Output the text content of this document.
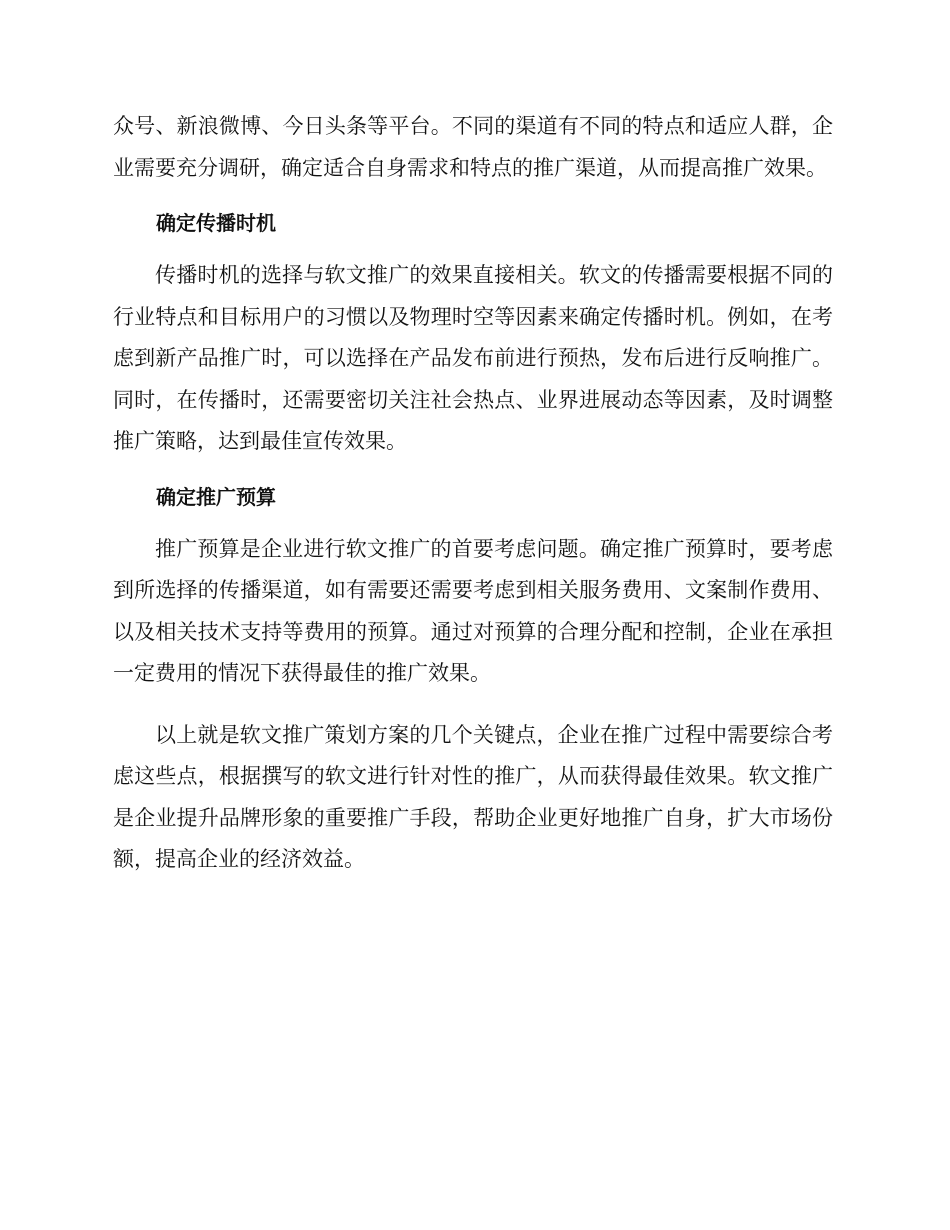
众号、新浪微博、今日头条等平台。不同的渠道有不同的特点和适应人群，企业需要充分调研，确定适合自身需求和特点的推广渠道，从而提高推广效果。

确定传播时机

传播时机的选择与软文推广的效果直接相关。软文的传播需要根据不同的行业特点和目标用户的习惯以及物理时空等因素来确定传播时机。例如，在考虑到新产品推广时，可以选择在产品发布前进行预热，发布后进行反响推广。同时，在传播时，还需要密切关注社会热点、业界进展动态等因素，及时调整推广策略，达到最佳宣传效果。

确定推广预算

推广预算是企业进行软文推广的首要考虑问题。确定推广预算时，要考虑到所选择的传播渠道，如有需要还需要考虑到相关服务费用、文案制作费用、以及相关技术支持等费用的预算。通过对预算的合理分配和控制，企业在承担一定费用的情况下获得最佳的推广效果。

以上就是软文推广策划方案的几个关键点，企业在推广过程中需要综合考虑这些点，根据撰写的软文进行针对性的推广，从而获得最佳效果。软文推广是企业提升品牌形象的重要推广手段，帮助企业更好地推广自身，扩大市场份额，提高企业的经济效益。
